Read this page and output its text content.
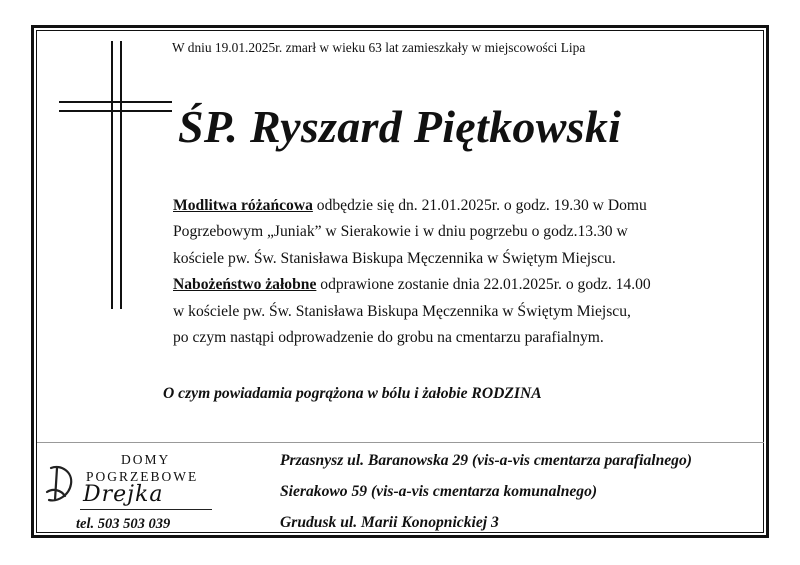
W dniu 19.01.2025r. zmarł w wieku 63 lat zamieszkały w miejscowości Lipa
ŚP. Ryszard Piętkowski
Modlitwa różańcowa odbędzie się dn. 21.01.2025r. o godz. 19.30 w Domu
Pogrzebowym „Juniak” w Sierakowie i w dniu pogrzebu o godz.13.30 w
kościele pw. Św. Stanisława Biskupa Męczennika w Świętym Miejscu.
Nabożeństwo żałobne odprawione zostanie dnia 22.01.2025r. o godz. 14.00
w kościele pw. Św. Stanisława Biskupa Męczennika w Świętym Miejscu,
po czym nastąpi odprowadzenie do grobu na cmentarzu parafialnym.
O czym powiadamia pogrążona w bólu i żałobie RODZINA
DOMY
POGRZEBOWE
Drejka
tel. 503 503 039
Przasnysz ul. Baranowska 29 (vis-a-vis cmentarza parafialnego)
Sierakowo 59 (vis-a-vis cmentarza komunalnego)
Grudusk ul. Marii Konopnickiej 3
